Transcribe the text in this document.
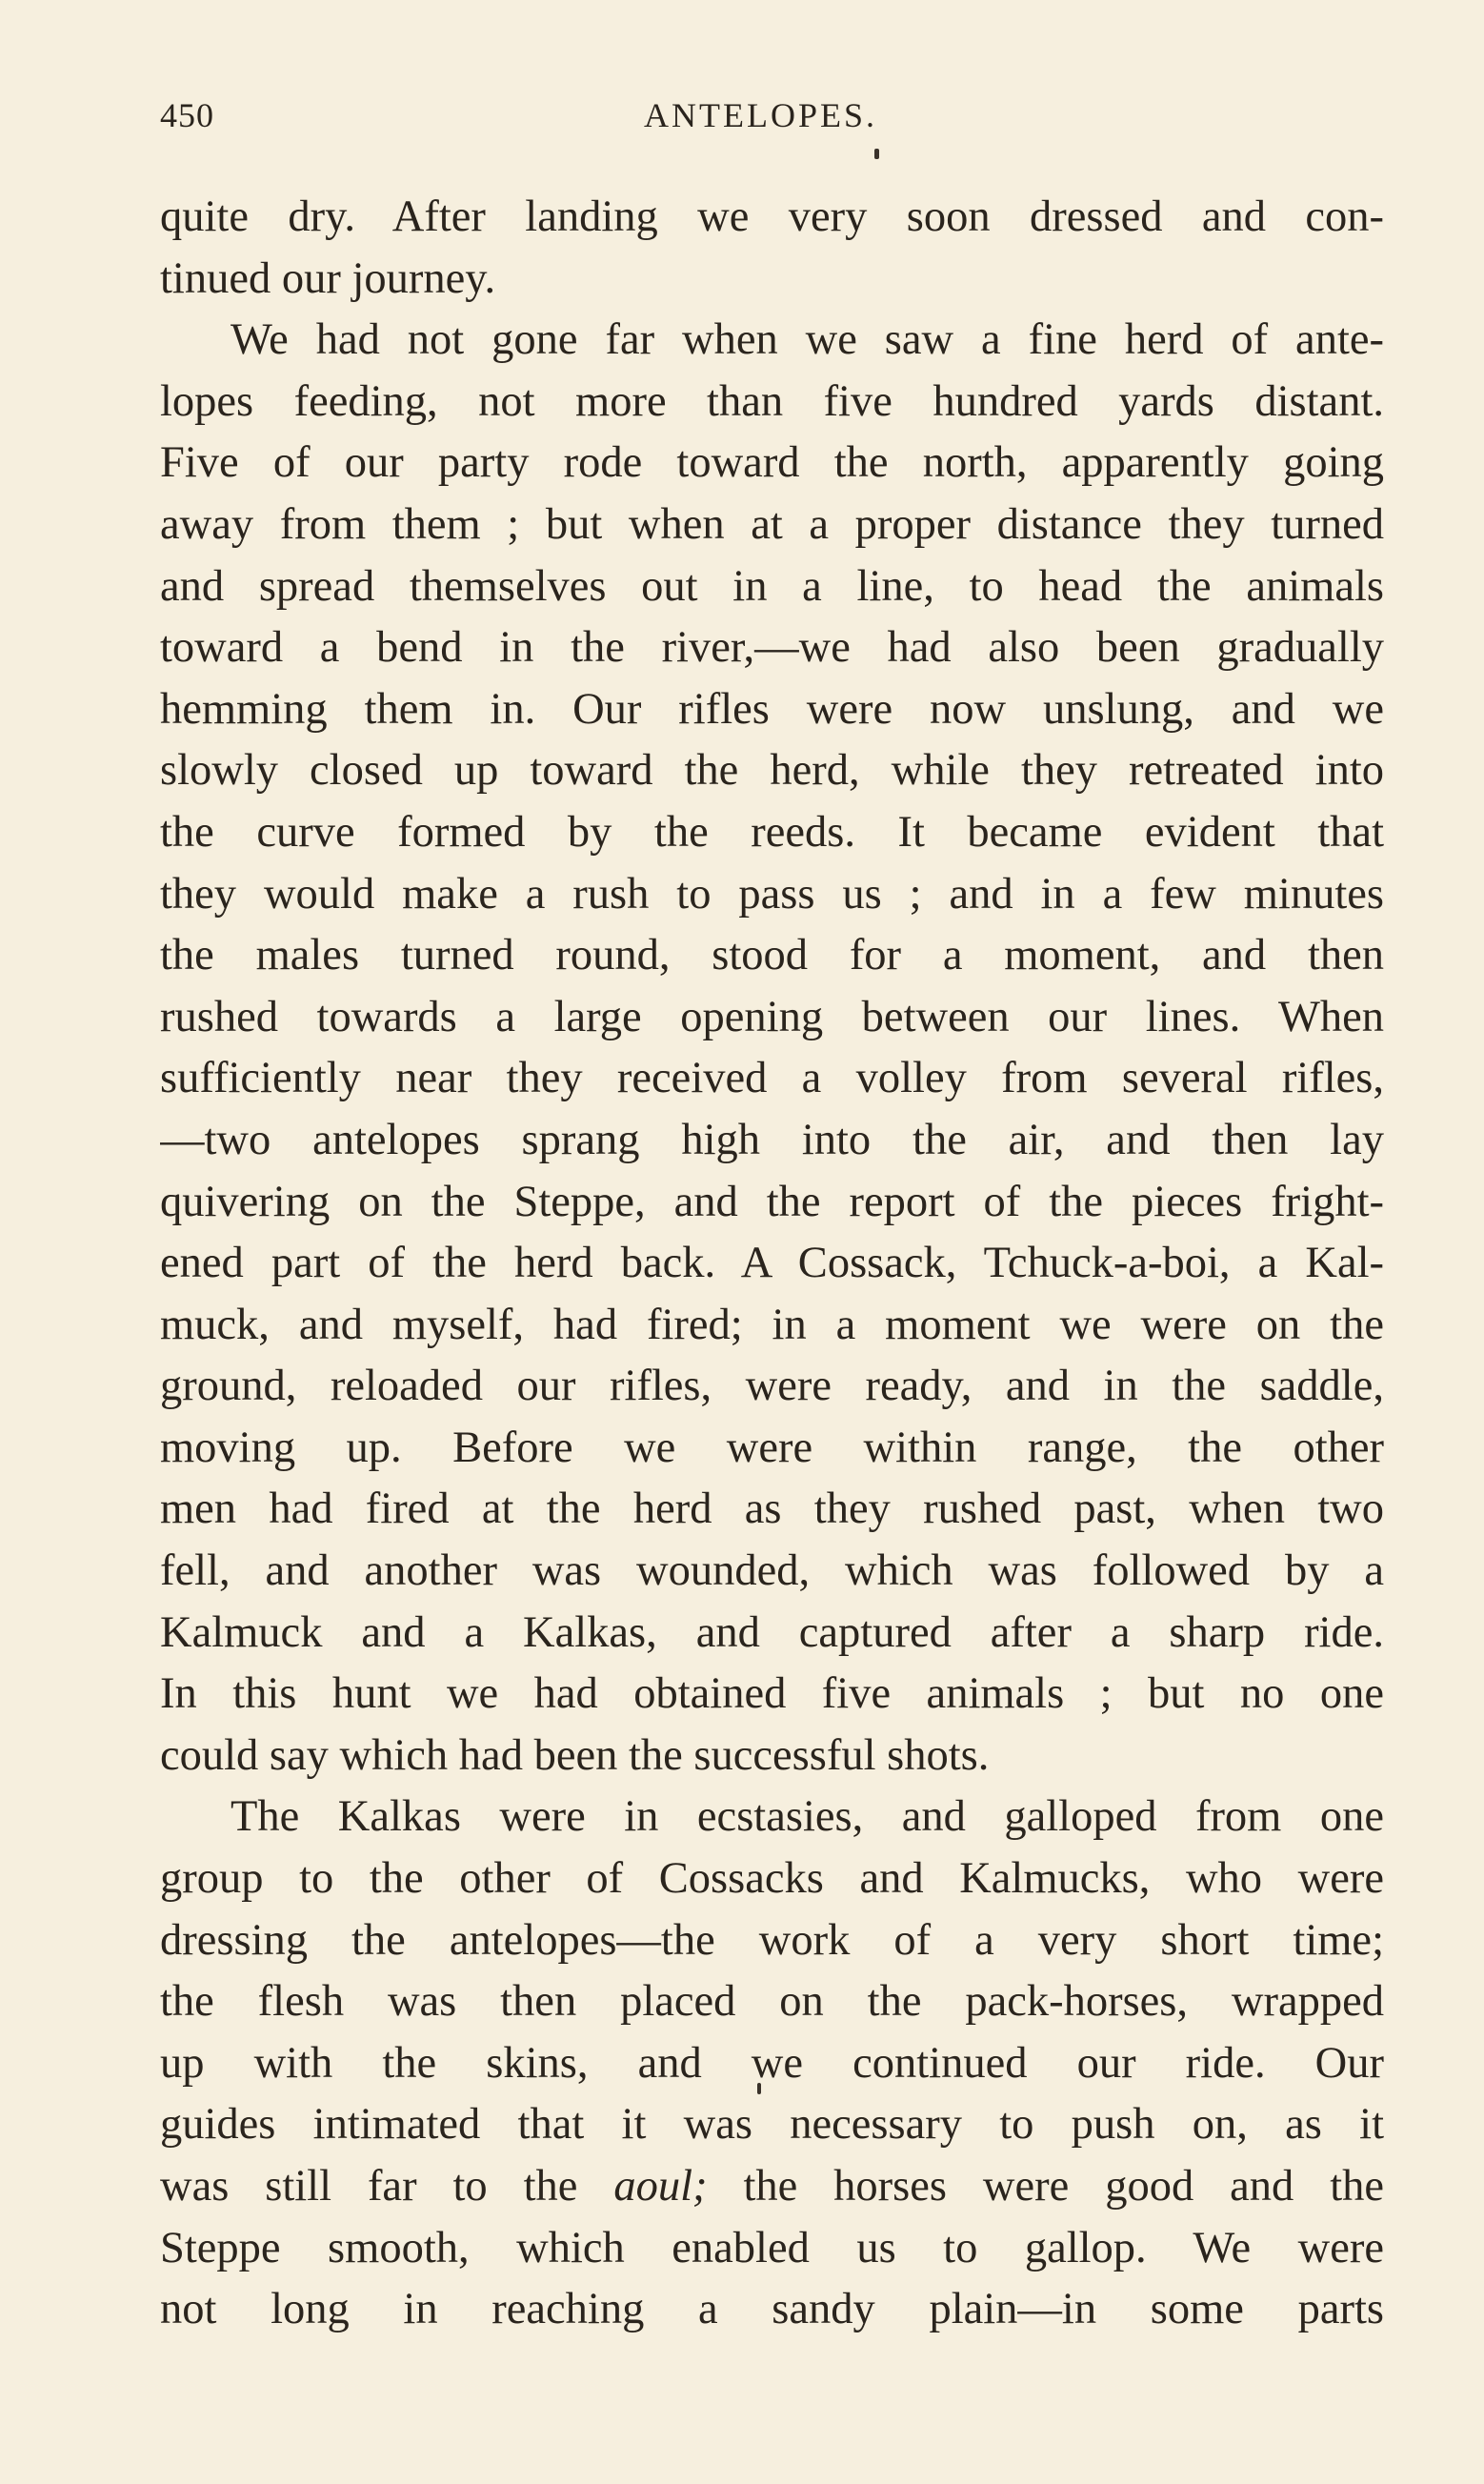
450	ANTELOPES.
quite dry. After landing we very soon dressed and con-
tinued our journey.
We had not gone far when we saw a fine herd of ante-
lopes feeding, not more than five hundred yards distant.
Five of our party rode toward the north, apparently going
away from them ; but when at a proper distance they turned
and spread themselves out in a line, to head the animals
toward a bend in the river,—we had also been gradually
hemming them in. Our rifles were now unslung, and we
slowly closed up toward the herd, while they retreated into
the curve formed by the reeds. It became evident that
they would make a rush to pass us ; and in a few minutes
the males turned round, stood for a moment, and then
rushed towards a large opening between our lines. When
sufficiently near they received a volley from several rifles,
—two antelopes sprang high into the air, and then lay
quivering on the Steppe, and the report of the pieces fright-
ened part of the herd back. A Cossack, Tchuck-a-boi, a Kal-
muck, and myself, had fired; in a moment we were on the
ground, reloaded our rifles, were ready, and in the saddle,
moving up. Before we were within range, the other
men had fired at the herd as they rushed past, when two
fell, and another was wounded, which was followed by a
Kalmuck and a Kalkas, and captured after a sharp ride.
In this hunt we had obtained five animals ; but no one
could say which had been the successful shots.
The Kalkas were in ecstasies, and galloped from one
group to the other of Cossacks and Kalmucks, who were
dressing the antelopes—the work of a very short time;
the flesh was then placed on the pack-horses, wrapped
up with the skins, and we continued our ride. Our
guides intimated that it was necessary to push on, as it
was still far to the aoul; the horses were good and the
Steppe smooth, which enabled us to gallop. We were
not long in reaching a sandy plain—in some parts
